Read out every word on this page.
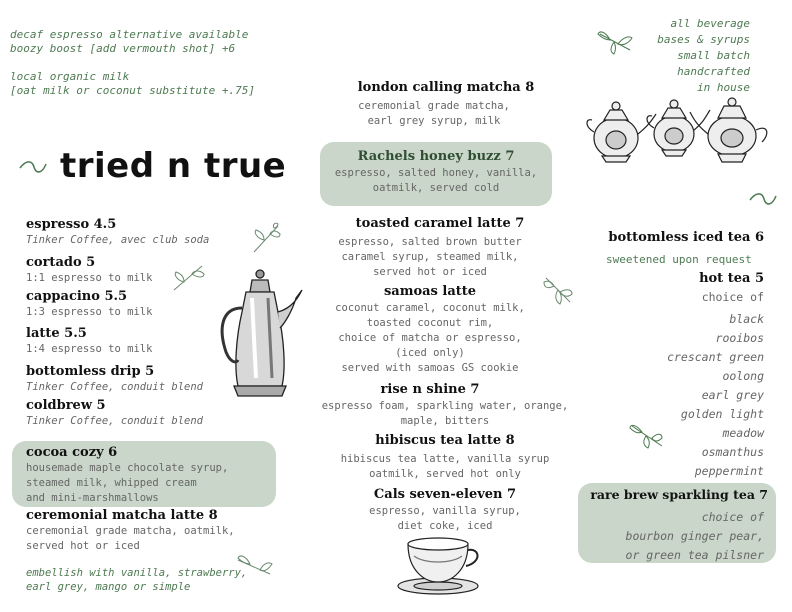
decaf espresso alternative available
boozy boost [add vermouth shot] +6
local organic milk
[oat milk or coconut substitute +.75]
all beverage
bases & syrups
small batch
handcrafted
in house
tried n true
espresso 4.5
Tinker Coffee, avec club soda
cortado 5
1:1 espresso to milk
cappacino 5.5
1:3 espresso to milk
latte 5.5
1:4 espresso to milk
bottomless drip 5
Tinker Coffee, conduit blend
coldbrew 5
Tinker Coffee, conduit blend
cocoa cozy 6
housemade maple chocolate syrup,
steamed milk, whipped cream
and mini-marshmallows
ceremonial matcha latte 8
ceremonial grade matcha, oatmilk,
served hot or iced
embellish with vanilla, strawberry,
earl grey, mango or simple
london calling matcha 8
ceremonial grade matcha,
earl grey syrup, milk
Rachels honey buzz 7
espresso, salted honey, vanilla,
oatmilk, served cold
toasted caramel latte 7
espresso, salted brown butter
caramel syrup, steamed milk,
served hot or iced
samoas latte
coconut caramel, coconut milk,
toasted coconut rim,
choice of matcha or espresso,
(iced only)
served with samoas GS cookie
rise n shine 7
espresso foam, sparkling water, orange,
maple, bitters
hibiscus tea latte 8
hibiscus tea latte, vanilla syrup
oatmilk, served hot only
Cals seven-eleven 7
espresso, vanilla syrup,
diet coke, iced
bottomless iced tea 6
sweetened upon request
hot tea 5
choice of
black
rooibos
crescant green
oolong
earl grey
golden light
meadow
osmanthus
peppermint
rare brew sparkling tea 7
choice of
bourbon ginger pear,
or green tea pilsner
